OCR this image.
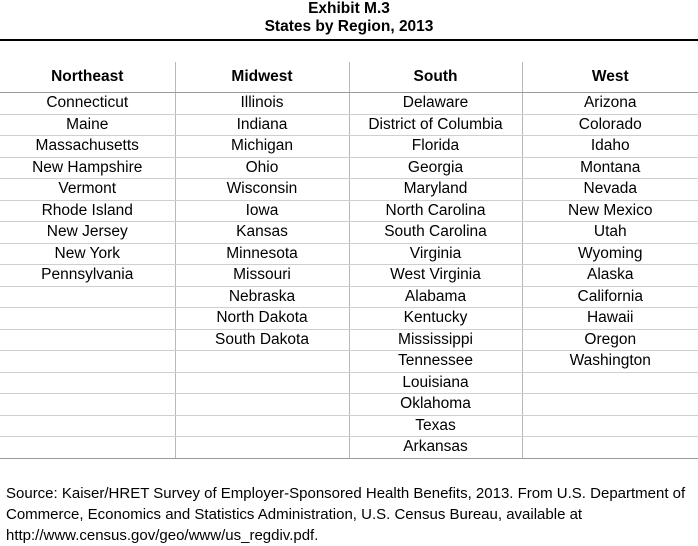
Exhibit M.3
States by Region, 2013
Northeast	Midwest	South	West
Connecticut	Illinois	Delaware	Arizona
Maine	Indiana	District of Columbia	Colorado
Massachusetts	Michigan	Florida	Idaho
New Hampshire	Ohio	Georgia	Montana
Vermont	Wisconsin	Maryland	Nevada
Rhode Island	Iowa	North Carolina	New Mexico
New Jersey	Kansas	South Carolina	Utah
New York	Minnesota	Virginia	Wyoming
Pennsylvania	Missouri	West Virginia	Alaska
	Nebraska	Alabama	California
	North Dakota	Kentucky	Hawaii
	South Dakota	Mississippi	Oregon
		Tennessee	Washington
		Louisiana	
		Oklahoma	
		Texas	
		Arkansas	
Source: Kaiser/HRET Survey of Employer-Sponsored Health Benefits, 2013. From U.S. Department of Commerce, Economics and Statistics Administration, U.S. Census Bureau, available at http://www.census.gov/geo/www/us_regdiv.pdf.
